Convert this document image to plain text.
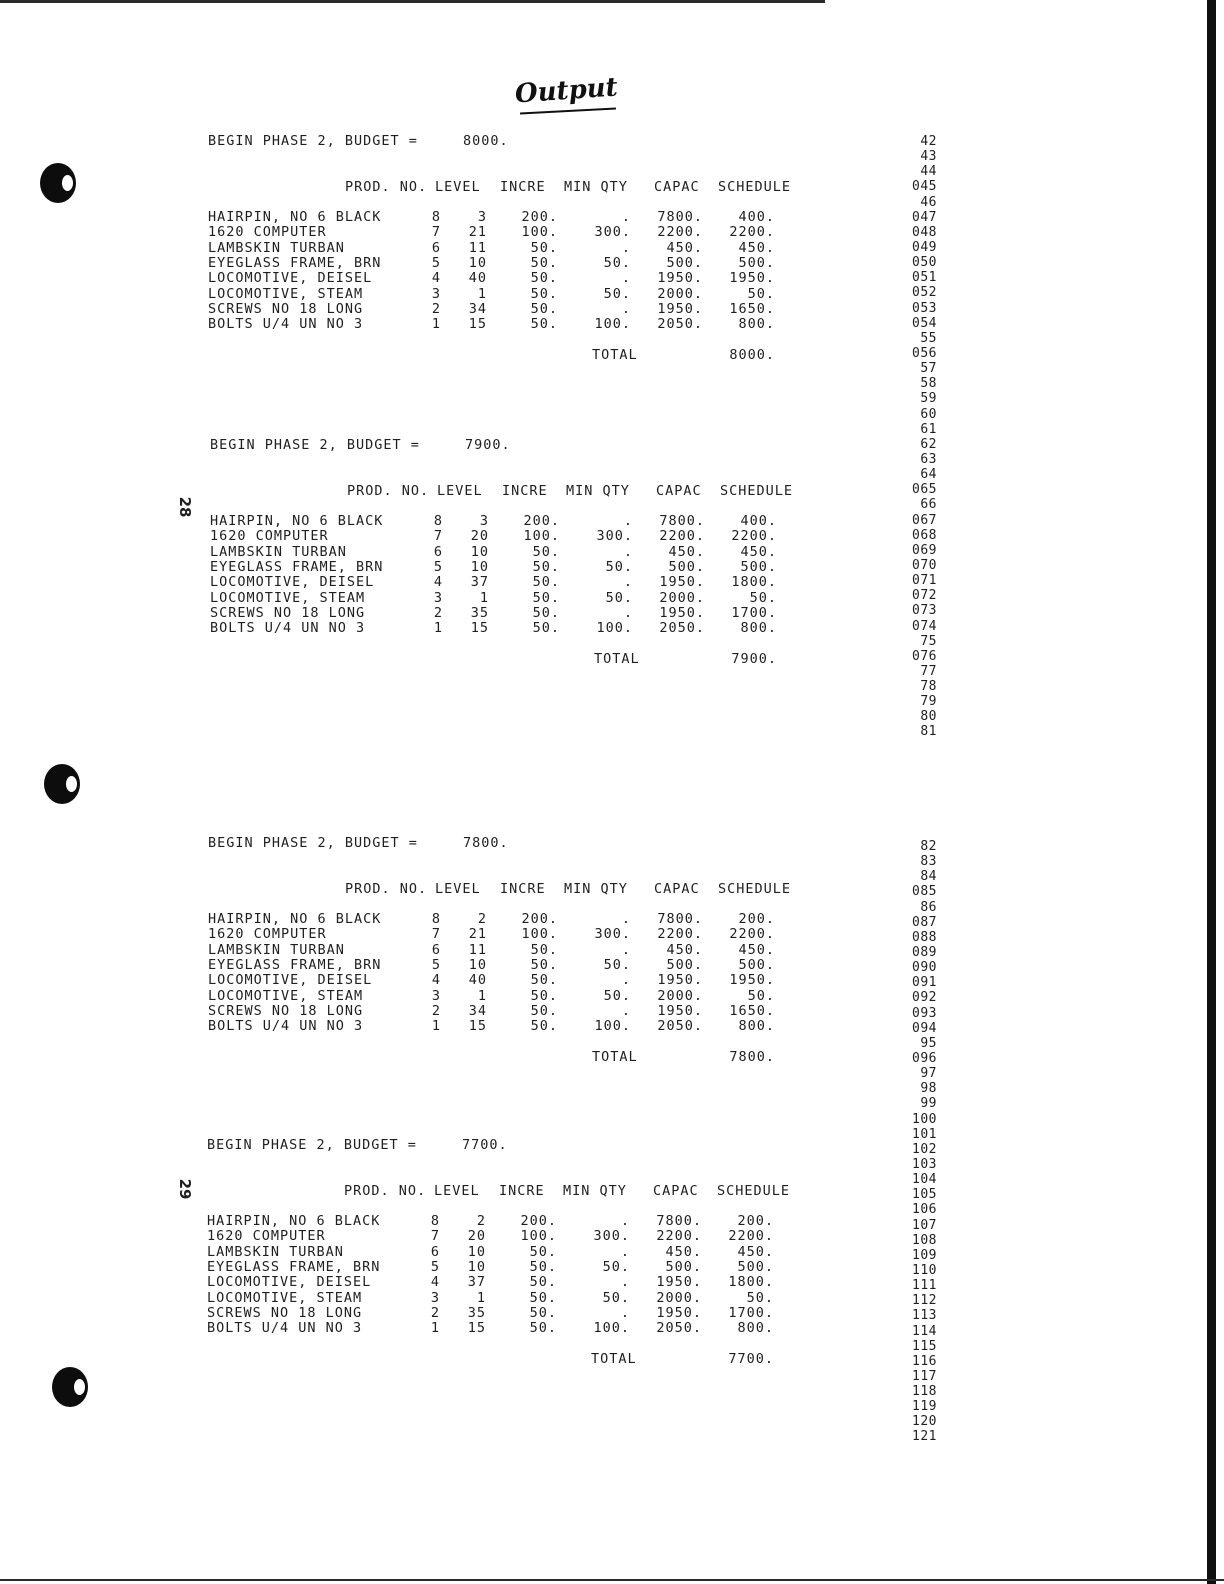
Output
28
29
BEGIN PHASE 2, BUDGET =	8000.
PROD. NO. LEVEL INCRE MIN QTY CAPAC SCHEDULE
HAIRPIN, NO 6 BLACK	8	3	200.	.	7800.	400.
1620 COMPUTER	7	21	100.	300.	2200.	2200.
LAMBSKIN TURBAN	6	11	50.	.	450.	450.
EYEGLASS FRAME, BRN	5	10	50.	50.	500.	500.
LOCOMOTIVE, DEISEL	4	40	50.	.	1950.	1950.
LOCOMOTIVE, STEAM	3	1	50.	50.	2000.	50.
SCREWS NO 18 LONG	2	34	50.	.	1950.	1650.
BOLTS U/4 UN NO 3	1	15	50.	100.	2050.	800.
TOTAL	8000.
BEGIN PHASE 2, BUDGET =	7900.
PROD. NO. LEVEL INCRE MIN QTY CAPAC SCHEDULE
HAIRPIN, NO 6 BLACK	8	3	200.	.	7800.	400.
1620 COMPUTER	7	20	100.	300.	2200.	2200.
LAMBSKIN TURBAN	6	10	50.	.	450.	450.
EYEGLASS FRAME, BRN	5	10	50.	50.	500.	500.
LOCOMOTIVE, DEISEL	4	37	50.	.	1950.	1800.
LOCOMOTIVE, STEAM	3	1	50.	50.	2000.	50.
SCREWS NO 18 LONG	2	35	50.	.	1950.	1700.
BOLTS U/4 UN NO 3	1	15	50.	100.	2050.	800.
TOTAL	7900.
BEGIN PHASE 2, BUDGET =	7800.
PROD. NO. LEVEL INCRE MIN QTY CAPAC SCHEDULE
HAIRPIN, NO 6 BLACK	8	2	200.	.	7800.	200.
1620 COMPUTER	7	21	100.	300.	2200.	2200.
LAMBSKIN TURBAN	6	11	50.	.	450.	450.
EYEGLASS FRAME, BRN	5	10	50.	50.	500.	500.
LOCOMOTIVE, DEISEL	4	40	50.	.	1950.	1950.
LOCOMOTIVE, STEAM	3	1	50.	50.	2000.	50.
SCREWS NO 18 LONG	2	34	50.	.	1950.	1650.
BOLTS U/4 UN NO 3	1	15	50.	100.	2050.	800.
TOTAL	7800.
BEGIN PHASE 2, BUDGET =	7700.
PROD. NO. LEVEL INCRE MIN QTY CAPAC SCHEDULE
HAIRPIN, NO 6 BLACK	8	2	200.	.	7800.	200.
1620 COMPUTER	7	20	100.	300.	2200.	2200.
LAMBSKIN TURBAN	6	10	50.	.	450.	450.
EYEGLASS FRAME, BRN	5	10	50.	50.	500.	500.
LOCOMOTIVE, DEISEL	4	37	50.	.	1950.	1800.
LOCOMOTIVE, STEAM	3	1	50.	50.	2000.	50.
SCREWS NO 18 LONG	2	35	50.	.	1950.	1700.
BOLTS U/4 UN NO 3	1	15	50.	100.	2050.	800.
TOTAL	7700.
42
43
44
045
46
047
048
049
050
051
052
053
054
55
056
57
58
59
60
61
62
63
64
065
66
067
068
069
070
071
072
073
074
75
076
77
78
79
80
81
82
83
84
085
86
087
088
089
090
091
092
093
094
95
096
97
98
99
100
101
102
103
104
105
106
107
108
109
110
111
112
113
114
115
116
117
118
119
120
121
